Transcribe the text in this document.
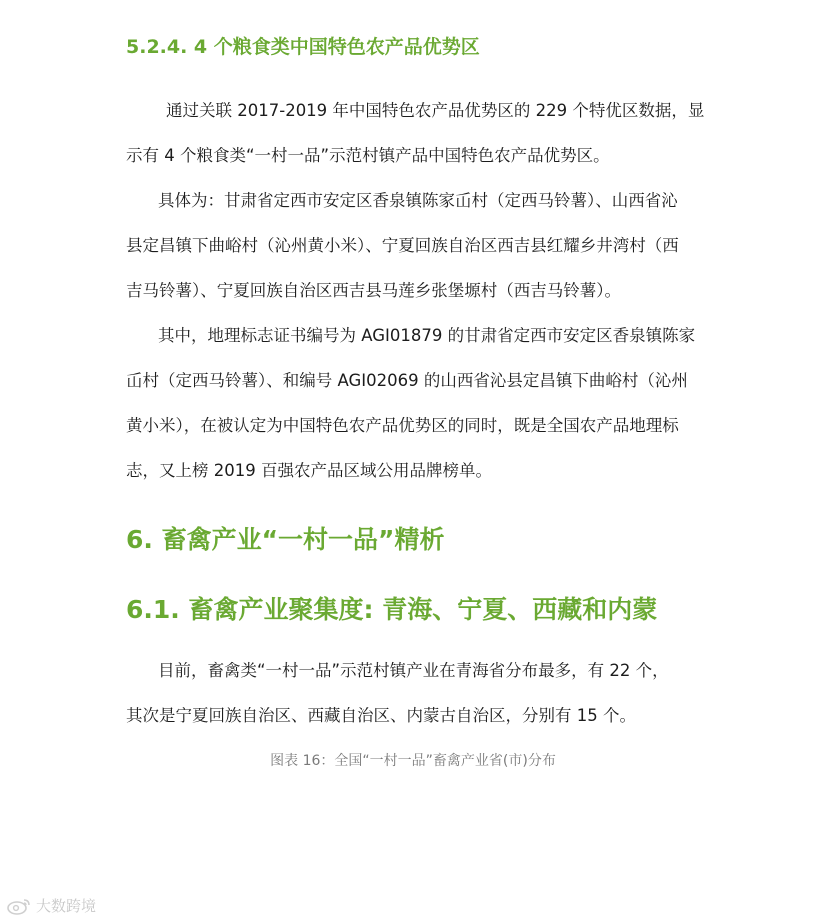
5.2.4. 4 个粮食类中国特色农产品优势区

通过关联 2017-2019 年中国特色农产品优势区的 229 个特优区数据，显
示有 4 个粮食类“一村一品”示范村镇产品中国特色农产品优势区。

具体为：甘肃省定西市安定区香泉镇陈家屲村（定西马铃薯）、山西省沁
县定昌镇下曲峪村（沁州黄小米）、宁夏回族自治区西吉县红耀乡井湾村（西
吉马铃薯）、宁夏回族自治区西吉县马莲乡张堡塬村（西吉马铃薯）。

其中，地理标志证书编号为 AGI01879 的甘肃省定西市安定区香泉镇陈家
屲村（定西马铃薯）、和编号 AGI02069 的山西省沁县定昌镇下曲峪村（沁州
黄小米），在被认定为中国特色农产品优势区的同时，既是全国农产品地理标
志，又上榜 2019 百强农产品区域公用品牌榜单。

6. 畜禽产业“一村一品”精析
6.1. 畜禽产业聚集度: 青海、宁夏、西藏和内蒙

目前，畜禽类“一村一品”示范村镇产业在青海省分布最多，有 22 个，
其次是宁夏回族自治区、西藏自治区、内蒙古自治区，分别有 15 个。

图表 16：全国“一村一品”畜禽产业省(市)分布
大数跨境
